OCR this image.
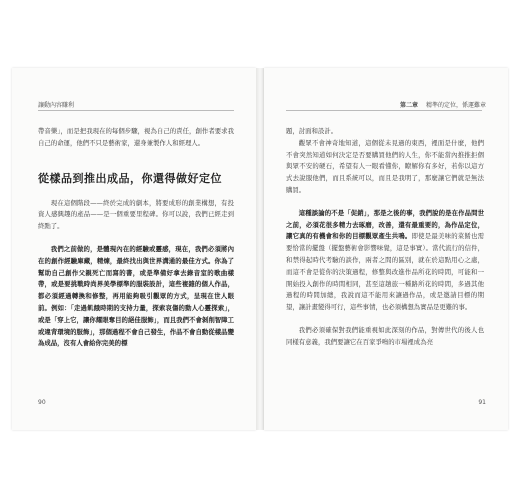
讓動內容賺利

帶音樂」，而是把我現在的每個步驟，視為自己的責任，創作者要求我自己的命運，他們不只是藝術家，還身兼製作人和經理人。

從樣品到推出成品，你還得做好定位

現在這個階段——終於完成的劇本，將要成形的創業構想，有投資人感興趣的產品——是一個重要里程碑。你可以說，我們已經走到終點了。

我們之前做的，是體現內在的經驗或靈感，現在，我們必須將內在的創作經驗庫藏，精煉，最終找出與世界溝通的最佳方式。你為了幫助自己創作父親死亡而寫的書，或是準備好拿去錄音室的歌曲樣帶，或是要挑戰時尚界美學標準的服裝設計，這些複雜的個人作品，都必須經過轉換和修整，再用能夠吸引觀眾的方式，呈現在世人眼前。例如：「走過飢餓時期的支持力量，探索哀傷的動人心靈探索」，或是「穿上它，讓你耀眼奪目的絕佳服飾」，而且我們不會剝削智障工或違背環境的服飾」，那個過程不會自己發生，作品不會自動從樣品變為成品，沒有人會給你完美的標

90
第二章 精準的定位，係運難章

題，討面和設計。

觀眾不會神奇地知道，這個從未見過的東西，裡面是什麼，他們不會突然知道如何決定是否要購買他們的人生，你不能當內推推拒個與眾不安的硬石，希望有人一眼看懂你，瞭解你有多好，若你以這方式去說服他們，而且系統可以，而且是我明了，那麼讓它們就是無法購買。

這種談論的不是「促銷」，那是之後的事，我們說的是在作品問世之前，必須花很多精力去琢磨，改善，還有最重要的，為作品定位，讓它真的有機會和你的目標觀眾產生共鳴。即使是最美味的菜餚也需要恰當的擺盤（擺盤藝術會影響味覺，這是事實）。當代流行的信件，和禁得起時代考驗的談作，兩者之間的區別，就在於這點用心之處，而這不會是從你的決策過程，修整與改進作品所花的時間，可能和一開始投入創作的時間相同，甚至這趟旅一種路所花的時間，多過其他過程的時間加總，我說而這不能用來讓過作品，或是邀請目標的期望，讓計畫變得可行，這些事情，也必須構想為實品是更難的事。

我們必須確保對我們能重視如此深刻的作品，對傳世代的後人也同樣有意義，我們要讓它在百家爭鳴的市場裡成為亮

91
